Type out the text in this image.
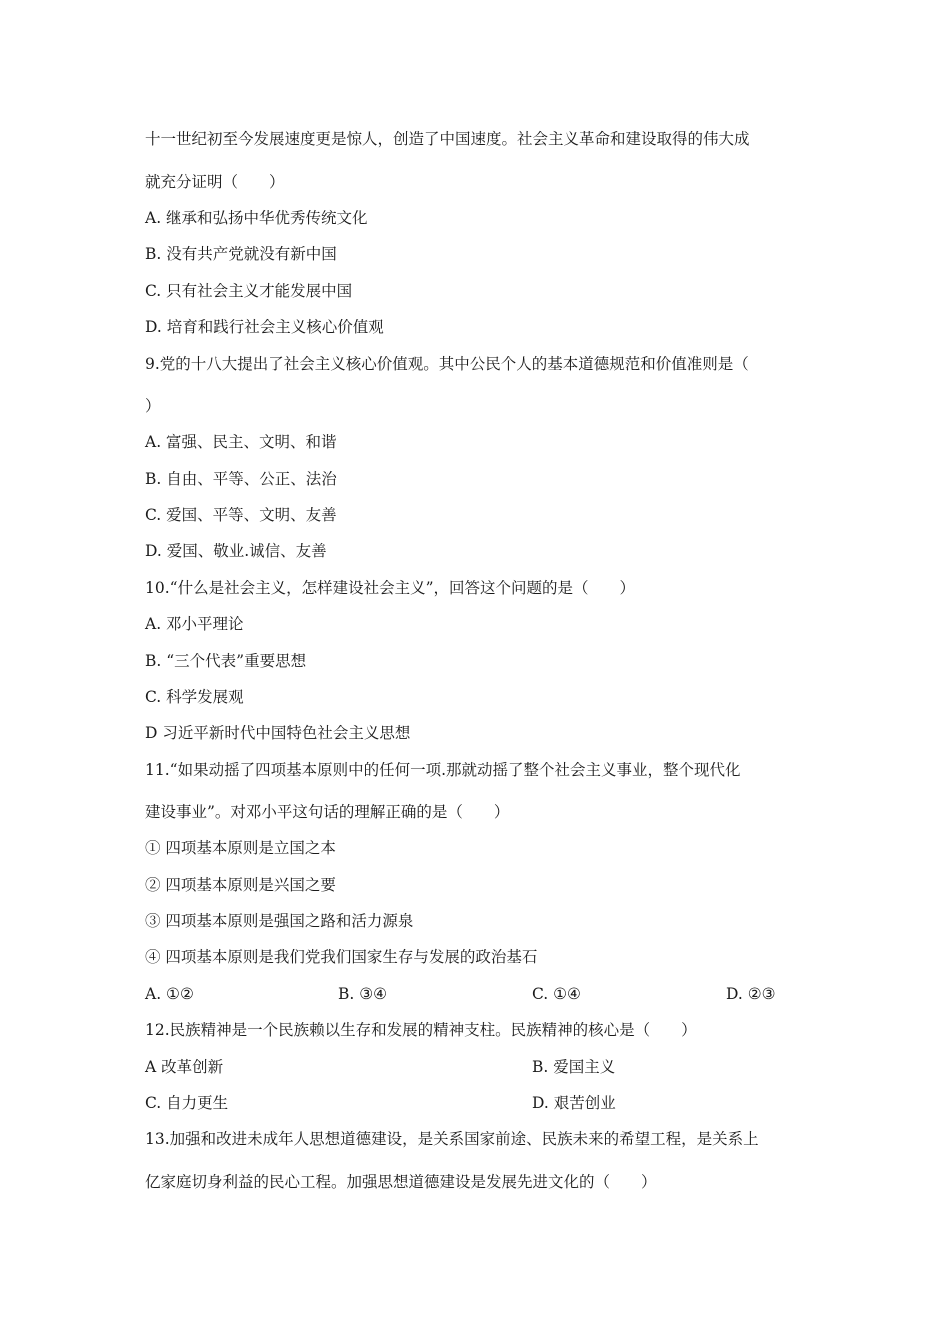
十一世纪初至今发展速度更是惊人，创造了中国速度。社会主义革命和建设取得的伟大成
就充分证明（　　）
A. 继承和弘扬中华优秀传统文化
B. 没有共产党就没有新中国
C. 只有社会主义才能发展中国
D. 培育和践行社会主义核心价值观
9.党的十八大提出了社会主义核心价值观。其中公民个人的基本道德规范和价值准则是（
）
A. 富强、民主、文明、和谐
B. 自由、平等、公正、法治
C. 爱国、平等、文明、友善
D. 爱国、敬业.诚信、友善
10.“什么是社会主义，怎样建设社会主义”，回答这个问题的是（　　）
A. 邓小平理论
B. “三个代表”重要思想
C. 科学发展观
D 习近平新时代中国特色社会主义思想
11.“如果动摇了四项基本原则中的任何一项.那就动摇了整个社会主义事业，整个现代化
建设事业”。对邓小平这句话的理解正确的是（　　）
① 四项基本原则是立国之本
② 四项基本原则是兴国之要
③ 四项基本原则是强国之路和活力源泉
④ 四项基本原则是我们党我们国家生存与发展的政治基石
A. ①②	B. ③④	C. ①④	D. ②③
12.民族精神是一个民族赖以生存和发展的精神支柱。民族精神的核心是（　　）
A 改革创新	B. 爱国主义
C. 自力更生	D. 艰苦创业
13.加强和改进未成年人思想道德建设，是关系国家前途、民族未来的希望工程，是关系上
亿家庭切身利益的民心工程。加强思想道德建设是发展先进文化的（　　）
